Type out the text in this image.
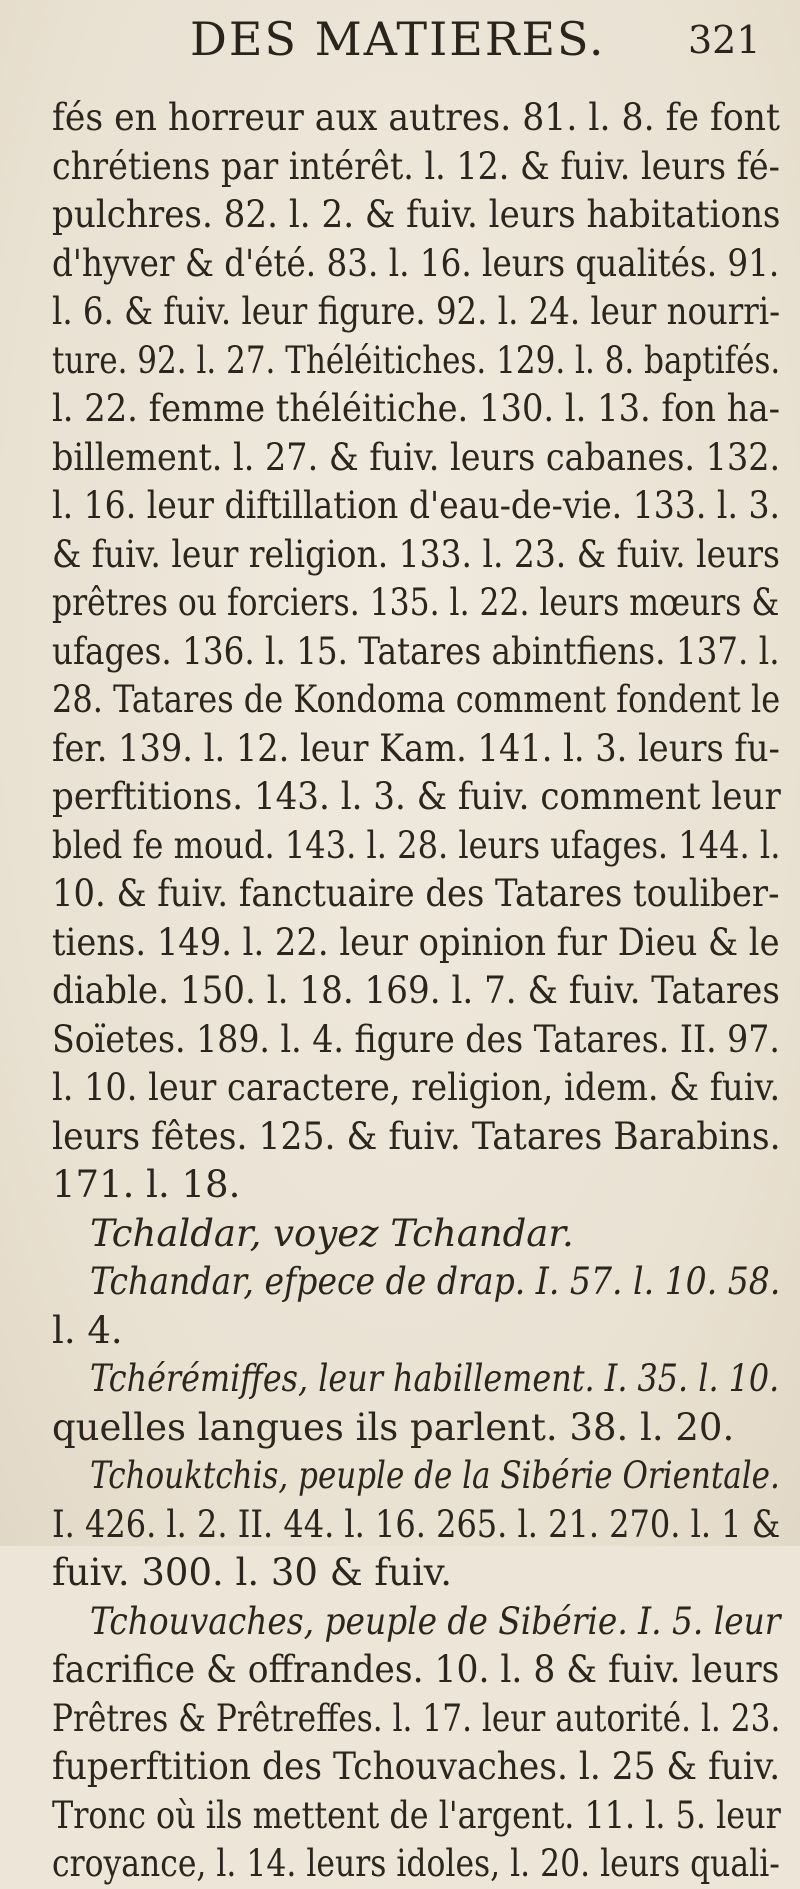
DES MATIERES. 321
fés en horreur aux autres. 81. l. 8. fe font
chrétiens par intérêt. l. 12. & fuiv. leurs fé-
pulchres. 82. l. 2. & fuiv. leurs habitations
d'hyver & d'été. 83. l. 16. leurs qualités. 91.
l. 6. & fuiv. leur figure. 92. l. 24. leur nourri-
ture. 92. l. 27. Théléitiches. 129. l. 8. baptifés.
l. 22. femme théléitiche. 130. l. 13. fon ha-
billement. l. 27. & fuiv. leurs cabanes. 132.
l. 16. leur diftillation d'eau-de-vie. 133. l. 3.
& fuiv. leur religion. 133. l. 23. & fuiv. leurs
prêtres ou forciers. 135. l. 22. leurs mœurs &
ufages. 136. l. 15. Tatares abintfiens. 137. l.
28. Tatares de Kondoma comment fondent le
fer. 139. l. 12. leur Kam. 141. l. 3. leurs fu-
perftitions. 143. l. 3. & fuiv. comment leur
bled fe moud. 143. l. 28. leurs ufages. 144. l.
10. & fuiv. fanctuaire des Tatares touliber-
tiens. 149. l. 22. leur opinion fur Dieu & le
diable. 150. l. 18. 169. l. 7. & fuiv. Tatares
Soïetes. 189. l. 4. figure des Tatares. II. 97.
l. 10. leur caractere, religion, idem. & fuiv.
leurs fêtes. 125. & fuiv. Tatares Barabins.
171. l. 18.
Tchaldar, voyez Tchandar.
Tchandar, efpece de drap. I. 57. l. 10. 58.
l. 4.
Tchérémiffes, leur habillement. I. 35. l. 10.
quelles langues ils parlent. 38. l. 20.
Tchouktchis, peuple de la Sibérie Orientale.
I. 426. l. 2. II. 44. l. 16. 265. l. 21. 270. l. 1 &
fuiv. 300. l. 30 & fuiv.
Tchouvaches, peuple de Sibérie. I. 5. leur
facrifice & offrandes. 10. l. 8 & fuiv. leurs
Prêtres & Prêtreffes. l. 17. leur autorité. l. 23.
fuperftition des Tchouvaches. l. 25 & fuiv.
Tronc où ils mettent de l'argent. 11. l. 5. leur
croyance, l. 14. leurs idoles, l. 20. leurs quali-
